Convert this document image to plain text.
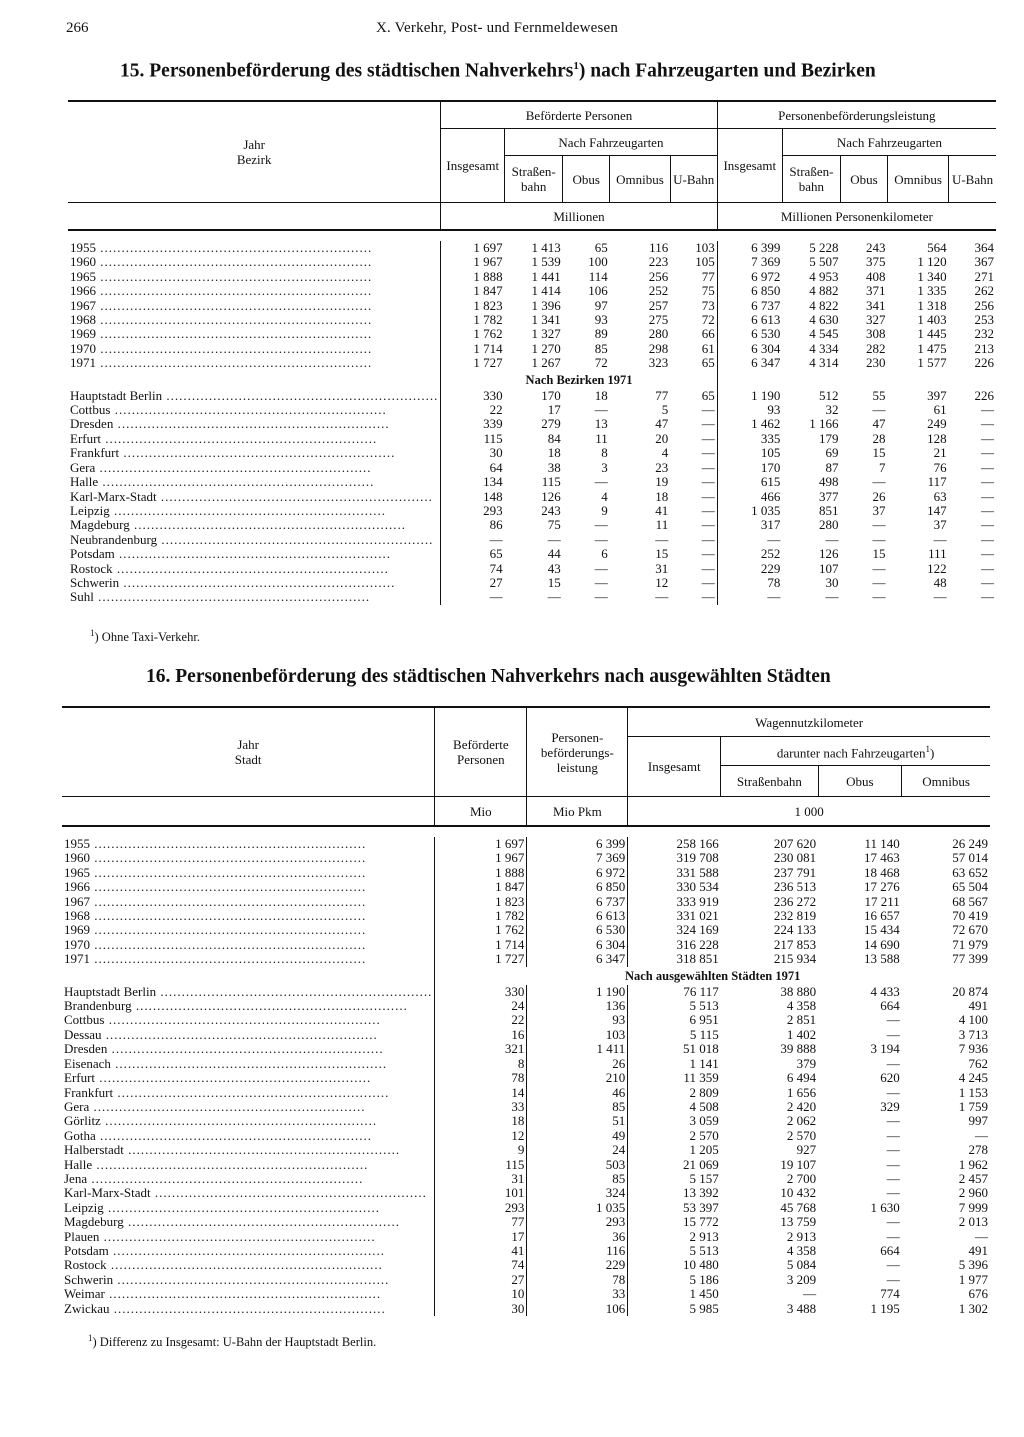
266	X. Verkehr, Post- und Fernmeldewesen
15. Personenbeförderung des städtischen Nahverkehrs$^1$) nach Fahrzeugarten und Bezirken
Jahr
Bezirk	Beförderte Personen					Personenbeförderungsleistung				
	Insgesamt	Nach Fahrzeugarten				Insgesamt	Nach Fahrzeugarten			
		Straßen-
bahn	Obus	Omnibus	U-Bahn		Straßen-
bahn	Obus	Omnibus	U-Bahn
	Millionen					Millionen Personenkilometer				

1955 .....	1 697	1 413	65	116	103	6 399	5 228	243	564	364
1960 .....	1 967	1 539	100	223	105	7 369	5 507	375	1 120	367
1965 .....	1 888	1 441	114	256	77	6 972	4 953	408	1 340	271
1966 .....	1 847	1 414	106	252	75	6 850	4 882	371	1 335	262
1967 .....	1 823	1 396	97	257	73	6 737	4 822	341	1 318	256
1968 .....	1 782	1 341	93	275	72	6 613	4 630	327	1 403	253
1969 .....	1 762	1 327	89	280	66	6 530	4 545	308	1 445	232
1970 .....	1 714	1 270	85	298	61	6 304	4 334	282	1 475	213
1971 .....	1 727	1 267	72	323	65	6 347	4 314	230	1 577	226
	Nach Bezirken 1971									
Hauptstadt Berlin .....	330	170	18	77	65	1 190	512	55	397	226
Cottbus .....	22	17	—	5	—	93	32	—	61	—
Dresden .....	339	279	13	47	—	1 462	1 166	47	249	—
Erfurt .....	115	84	11	20	—	335	179	28	128	—
Frankfurt .....	30	18	8	4	—	105	69	15	21	—
Gera .....	64	38	3	23	—	170	87	7	76	—
Halle .....	134	115	—	19	—	615	498	—	117	—
Karl-Marx-Stadt .....	148	126	4	18	—	466	377	26	63	—
Leipzig .....	293	243	9	41	—	1 035	851	37	147	—
Magdeburg .....	86	75	—	11	—	317	280	—	37	—
Neubrandenburg .....	—	—	—	—	—	—	—	—	—	—
Potsdam .....	65	44	6	15	—	252	126	15	111	—
Rostock .....	74	43	—	31	—	229	107	—	122	—
Schwerin .....	27	15	—	12	—	78	30	—	48	—
Suhl .....	—	—	—	—	—	—	—	—	—	—
$^1$) Ohne Taxi-Verkehr.
16. Personenbeförderung des städtischen Nahverkehrs nach ausgewählten Städten
Jahr
Stadt	Beförderte
Personen	Personen-
beförderungs-
leistung	Wagennutzkilometer			
			Insgesamt	darunter nach Fahrzeugarten$^1$)		
				Straßenbahn	Obus	Omnibus
	Mio	Mio Pkm	1 000			

1955 .....	1 697	6 399	258 166	207 620	11 140	26 249
1960 .....	1 967	7 369	319 708	230 081	17 463	57 014
1965 .....	1 888	6 972	331 588	237 791	18 468	63 652
1966 .....	1 847	6 850	330 534	236 513	17 276	65 504
1967 .....	1 823	6 737	333 919	236 272	17 211	68 567
1968 .....	1 782	6 613	331 021	232 819	16 657	70 419
1969 .....	1 762	6 530	324 169	224 133	15 434	72 670
1970 .....	1 714	6 304	316 228	217 853	14 690	71 979
1971 .....	1 727	6 347	318 851	215 934	13 588	77 399
	Nach ausgewählten Städten 1971					
Hauptstadt Berlin .....	330	1 190	76 117	38 880	4 433	20 874
Brandenburg .....	24	136	5 513	4 358	664	491
Cottbus .....	22	93	6 951	2 851	—	4 100
Dessau .....	16	103	5 115	1 402	—	3 713
Dresden .....	321	1 411	51 018	39 888	3 194	7 936
Eisenach .....	8	26	1 141	379	—	762
Erfurt .....	78	210	11 359	6 494	620	4 245
Frankfurt .....	14	46	2 809	1 656	—	1 153
Gera .....	33	85	4 508	2 420	329	1 759
Görlitz .....	18	51	3 059	2 062	—	997
Gotha .....	12	49	2 570	2 570	—	—
Halberstadt .....	9	24	1 205	927	—	278
Halle .....	115	503	21 069	19 107	—	1 962
Jena .....	31	85	5 157	2 700	—	2 457
Karl-Marx-Stadt .....	101	324	13 392	10 432	—	2 960
Leipzig .....	293	1 035	53 397	45 768	1 630	7 999
Magdeburg .....	77	293	15 772	13 759	—	2 013
Plauen .....	17	36	2 913	2 913	—	—
Potsdam .....	41	116	5 513	4 358	664	491
Rostock .....	74	229	10 480	5 084	—	5 396
Schwerin .....	27	78	5 186	3 209	—	1 977
Weimar .....	10	33	1 450	—	774	676
Zwickau .....	30	106	5 985	3 488	1 195	1 302
$^1$) Differenz zu Insgesamt: U-Bahn der Hauptstadt Berlin.
